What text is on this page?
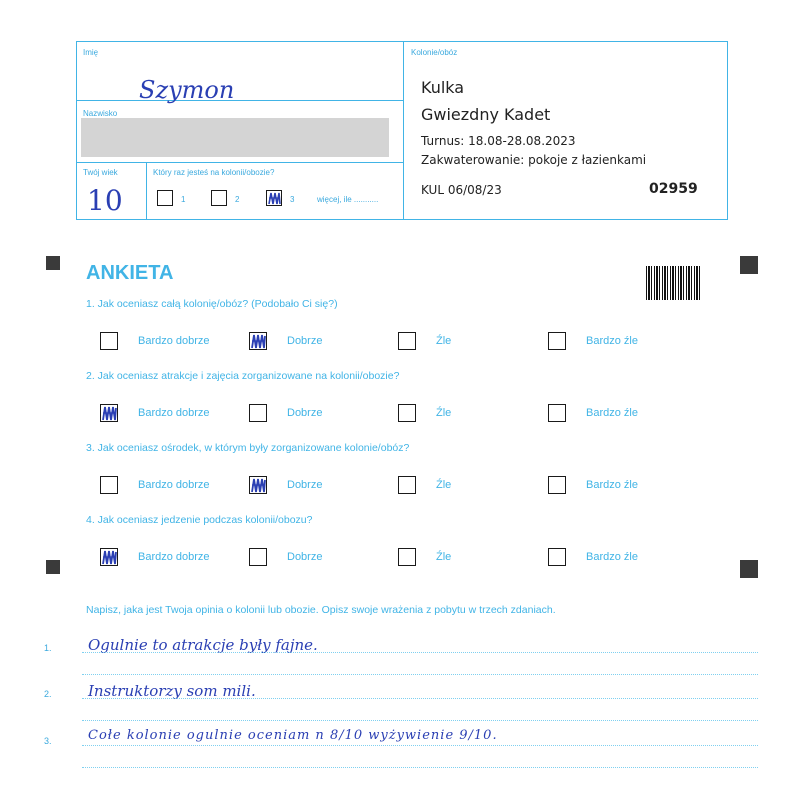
Imię
Szymon
Nazwisko
Twój wiek
10
Który raz jesteś na kolonii/obozie?
1	2	3	więcej, ile ...........
Kolonie/obóz
Kulka
Gwiezdny Kadet
Turnus: 18.08-28.08.2023
Zakwaterowanie: pokoje z łazienkami
KUL 06/08/23	02959
ANKIETA
1. Jak oceniasz całą kolonię/obóz? (Podobało Ci się?)
Bardzo dobrze	Dobrze	Źle	Bardzo źle
2. Jak oceniasz atrakcje i zajęcia zorganizowane na kolonii/obozie?
Bardzo dobrze	Dobrze	Źle	Bardzo źle
3. Jak oceniasz ośrodek, w którym były zorganizowane kolonie/obóz?
Bardzo dobrze	Dobrze	Źle	Bardzo źle
4. Jak oceniasz jedzenie podczas kolonii/obozu?
Bardzo dobrze	Dobrze	Źle	Bardzo źle
Napisz, jaka jest Twoja opinia o kolonii lub obozie. Opisz swoje wrażenia z pobytu w trzech zdaniach.
1. Ogulnie to atrakcje były fajne.
2. Instruktorzy som mili.
3.	Cołe kolonie ogulnie oceniam n 8/10 wyżywienie 9/10.
